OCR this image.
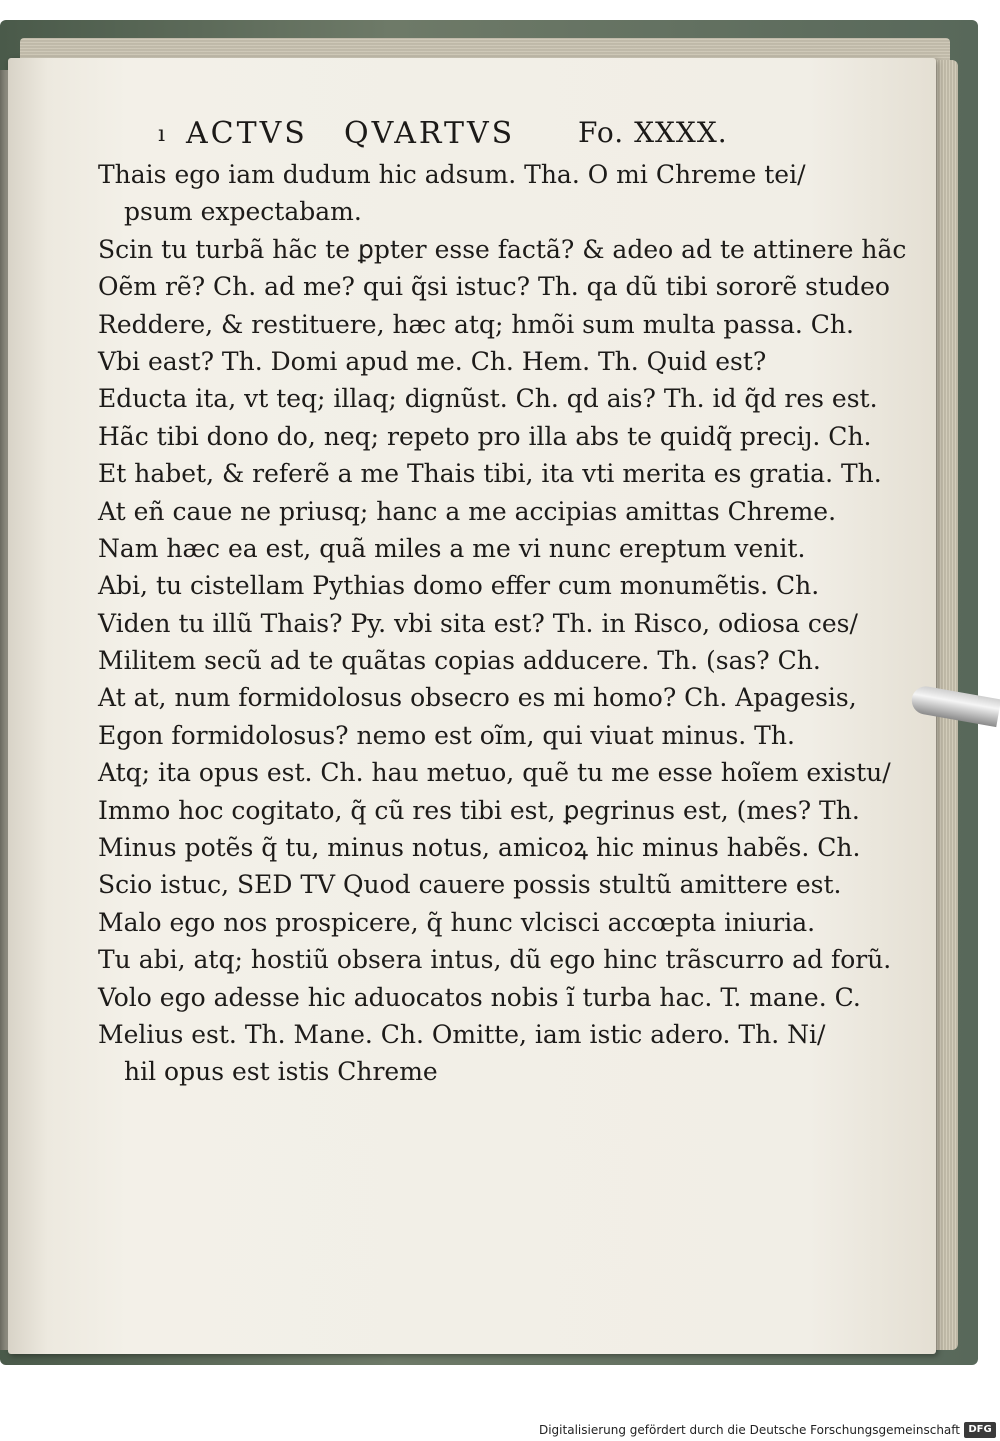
ı ACTVS QVARTVS Fo. XXXX.
Thais ego iam dudum hic adsum. Tha. O mi Chreme tei/
psum expectabam.
Scin tu turbã hãc te ꝑpter esse factã? & adeo ad te attinere hãc
Oẽm rẽ? Ch. ad me? qui q̃si istuc? Th. qa dũ tibi sororẽ studeo
Reddere, & restituere, hæc atq; hmõi sum multa passa. Ch.
Vbi east? Th. Domi apud me. Ch. Hem. Th. Quid est?
Educta ita, vt teq; illaq; dignũst. Ch. qd ais? Th. id q̃d res est.
Hãc tibi dono do, neq; repeto pro illa abs te quidq̃ preciȷ. Ch.
Et habet, & referẽ a me Thais tibi, ita vti merita es gratia. Th.
At eñ caue ne priusq; hanc a me accipias amittas Chreme.
Nam hæc ea est, quã miles a me vi nunc ereptum venit.
Abi, tu cistellam Pythias domo effer cum monumẽtis. Ch.
Viden tu illũ Thais? Py. vbi sita est? Th. in Risco, odiosa ces/
Militem secũ ad te quãtas copias adducere. Th. (sas? Ch.
At at, num formidolosus obsecro es mi homo? Ch. Apagesis,
Egon formidolosus? nemo est oĩm, qui viuat minus. Th.
Atq; ita opus est. Ch. hau metuo, quẽ tu me esse hoĩem existu/
Immo hoc cogitato, q̃ cũ res tibi est, ꝑegrinus est, (mes? Th.
Minus potẽs q̃ tu, minus notus, amicoꝝ hic minus habẽs. Ch.
Scio istuc, SED TV Quod cauere possis stultũ amittere est.
Malo ego nos prospicere, q̃ hunc vlcisci accœpta iniuria.
Tu abi, atq; hostiũ obsera intus, dũ ego hinc trãscurro ad forũ.
Volo ego adesse hic aduocatos nobis ĩ turba hac. T. mane. C.
Melius est. Th. Mane. Ch. Omitte, iam istic adero. Th. Ni/
hil opus est istis Chreme
Digitalisierung gefördert durch die Deutsche Forschungsgemeinschaft DFG
